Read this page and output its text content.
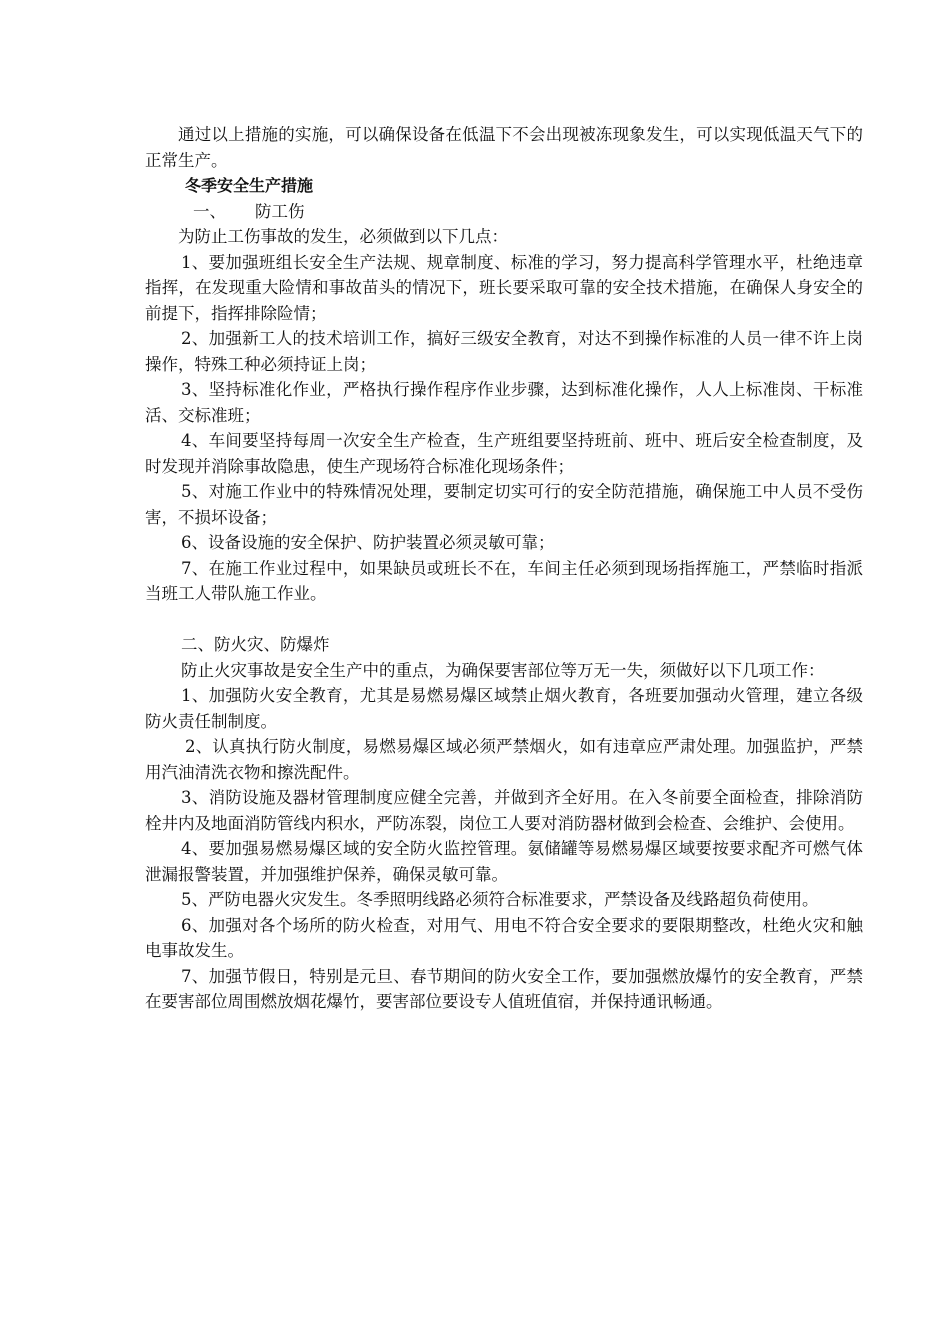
通过以上措施的实施，可以确保设备在低温下不会出现被冻现象发生，可以实现低温天气下的正常生产。

冬季安全生产措施

一、 防工伤

为防止工伤事故的发生，必须做到以下几点：

1、要加强班组长安全生产法规、规章制度、标准的学习，努力提高科学管理水平，杜绝违章指挥，在发现重大险情和事故苗头的情况下，班长要采取可靠的安全技术措施，在确保人身安全的前提下，指挥排除险情；

2、加强新工人的技术培训工作，搞好三级安全教育，对达不到操作标准的人员一律不许上岗操作，特殊工种必须持证上岗；

3、坚持标准化作业，严格执行操作程序作业步骤，达到标准化操作，人人上标准岗、干标准活、交标准班；

4、车间要坚持每周一次安全生产检查，生产班组要坚持班前、班中、班后安全检查制度，及时发现并消除事故隐患，使生产现场符合标准化现场条件；

5、对施工作业中的特殊情况处理，要制定切实可行的安全防范措施，确保施工中人员不受伤害，不损坏设备；

6、设备设施的安全保护、防护装置必须灵敏可靠；

7、在施工作业过程中，如果缺员或班长不在，车间主任必须到现场指挥施工，严禁临时指派当班工人带队施工作业。

二、防火灾、防爆炸

防止火灾事故是安全生产中的重点，为确保要害部位等万无一失，须做好以下几项工作：

1、加强防火安全教育，尤其是易燃易爆区域禁止烟火教育，各班要加强动火管理，建立各级防火责任制制度。

2、认真执行防火制度，易燃易爆区域必须严禁烟火，如有违章应严肃处理。加强监护，严禁用汽油清洗衣物和擦洗配件。

3、消防设施及器材管理制度应健全完善，并做到齐全好用。在入冬前要全面检查，排除消防栓井内及地面消防管线内积水，严防冻裂，岗位工人要对消防器材做到会检查、会维护、会使用。

4、要加强易燃易爆区域的安全防火监控管理。氨储罐等易燃易爆区域要按要求配齐可燃气体泄漏报警装置，并加强维护保养，确保灵敏可靠。

5、严防电器火灾发生。冬季照明线路必须符合标准要求，严禁设备及线路超负荷使用。

6、加强对各个场所的防火检查，对用气、用电不符合安全要求的要限期整改，杜绝火灾和触电事故发生。

7、加强节假日，特别是元旦、春节期间的防火安全工作，要加强燃放爆竹的安全教育，严禁在要害部位周围燃放烟花爆竹，要害部位要设专人值班值宿，并保持通讯畅通。
